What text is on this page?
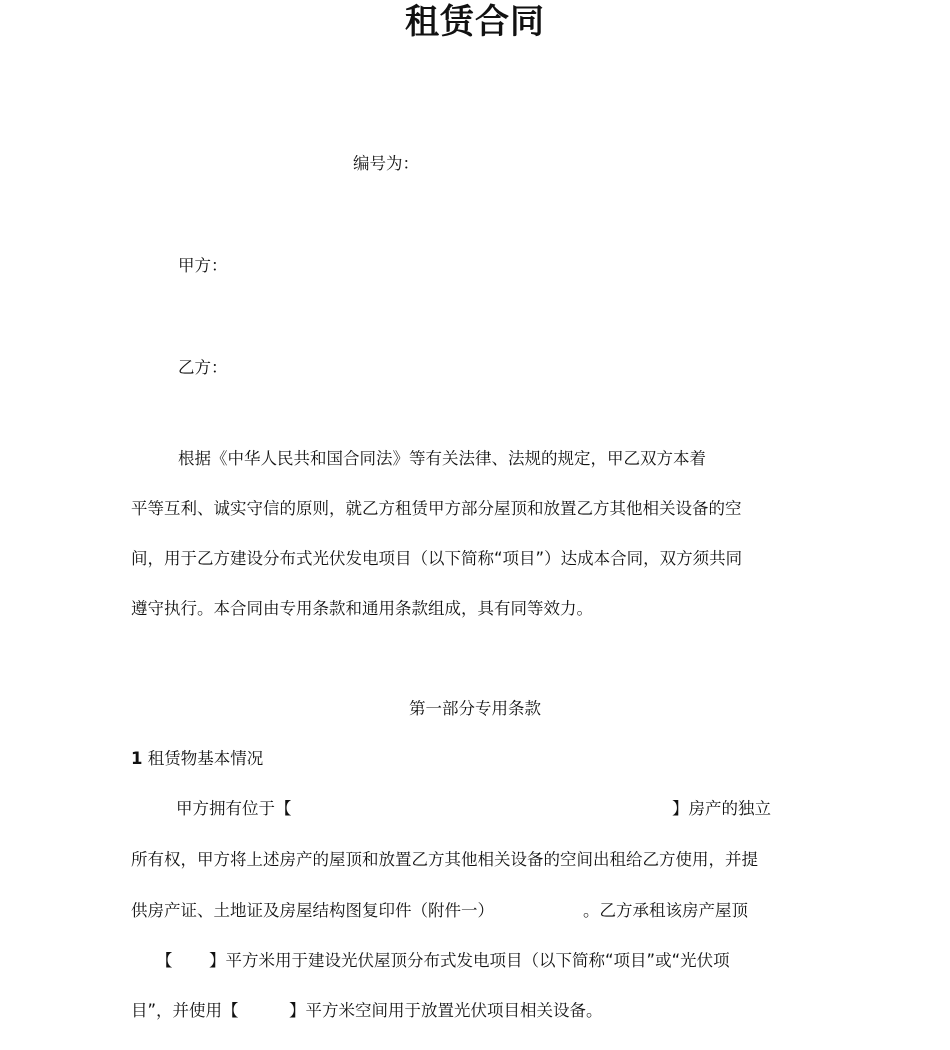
租赁合同

编号为：

甲方：

乙方：

根据《中华人民共和国合同法》等有关法律、法规的规定，甲乙双方本着

平等互利、诚实守信的原则，就乙方租赁甲方部分屋顶和放置乙方其他相关设备的空

间，用于乙方建设分布式光伏发电项目（以下简称“项目”）达成本合同，双方须共同

遵守执行。本合同由专用条款和通用条款组成，具有同等效力。

第一部分专用条款

1 租赁物基本情况

甲方拥有位于【	】房产的独立

所有权，甲方将上述房产的屋顶和放置乙方其他相关设备的空间出租给乙方使用，并提

供房产证、土地证及房屋结构图复印件（附件一）	。乙方承租该房产屋顶

【 】平方米用于建设光伏屋顶分布式发电项目（以下简称“项目”或“光伏项

目”，并使用【	】平方米空间用于放置光伏项目相关设备。
